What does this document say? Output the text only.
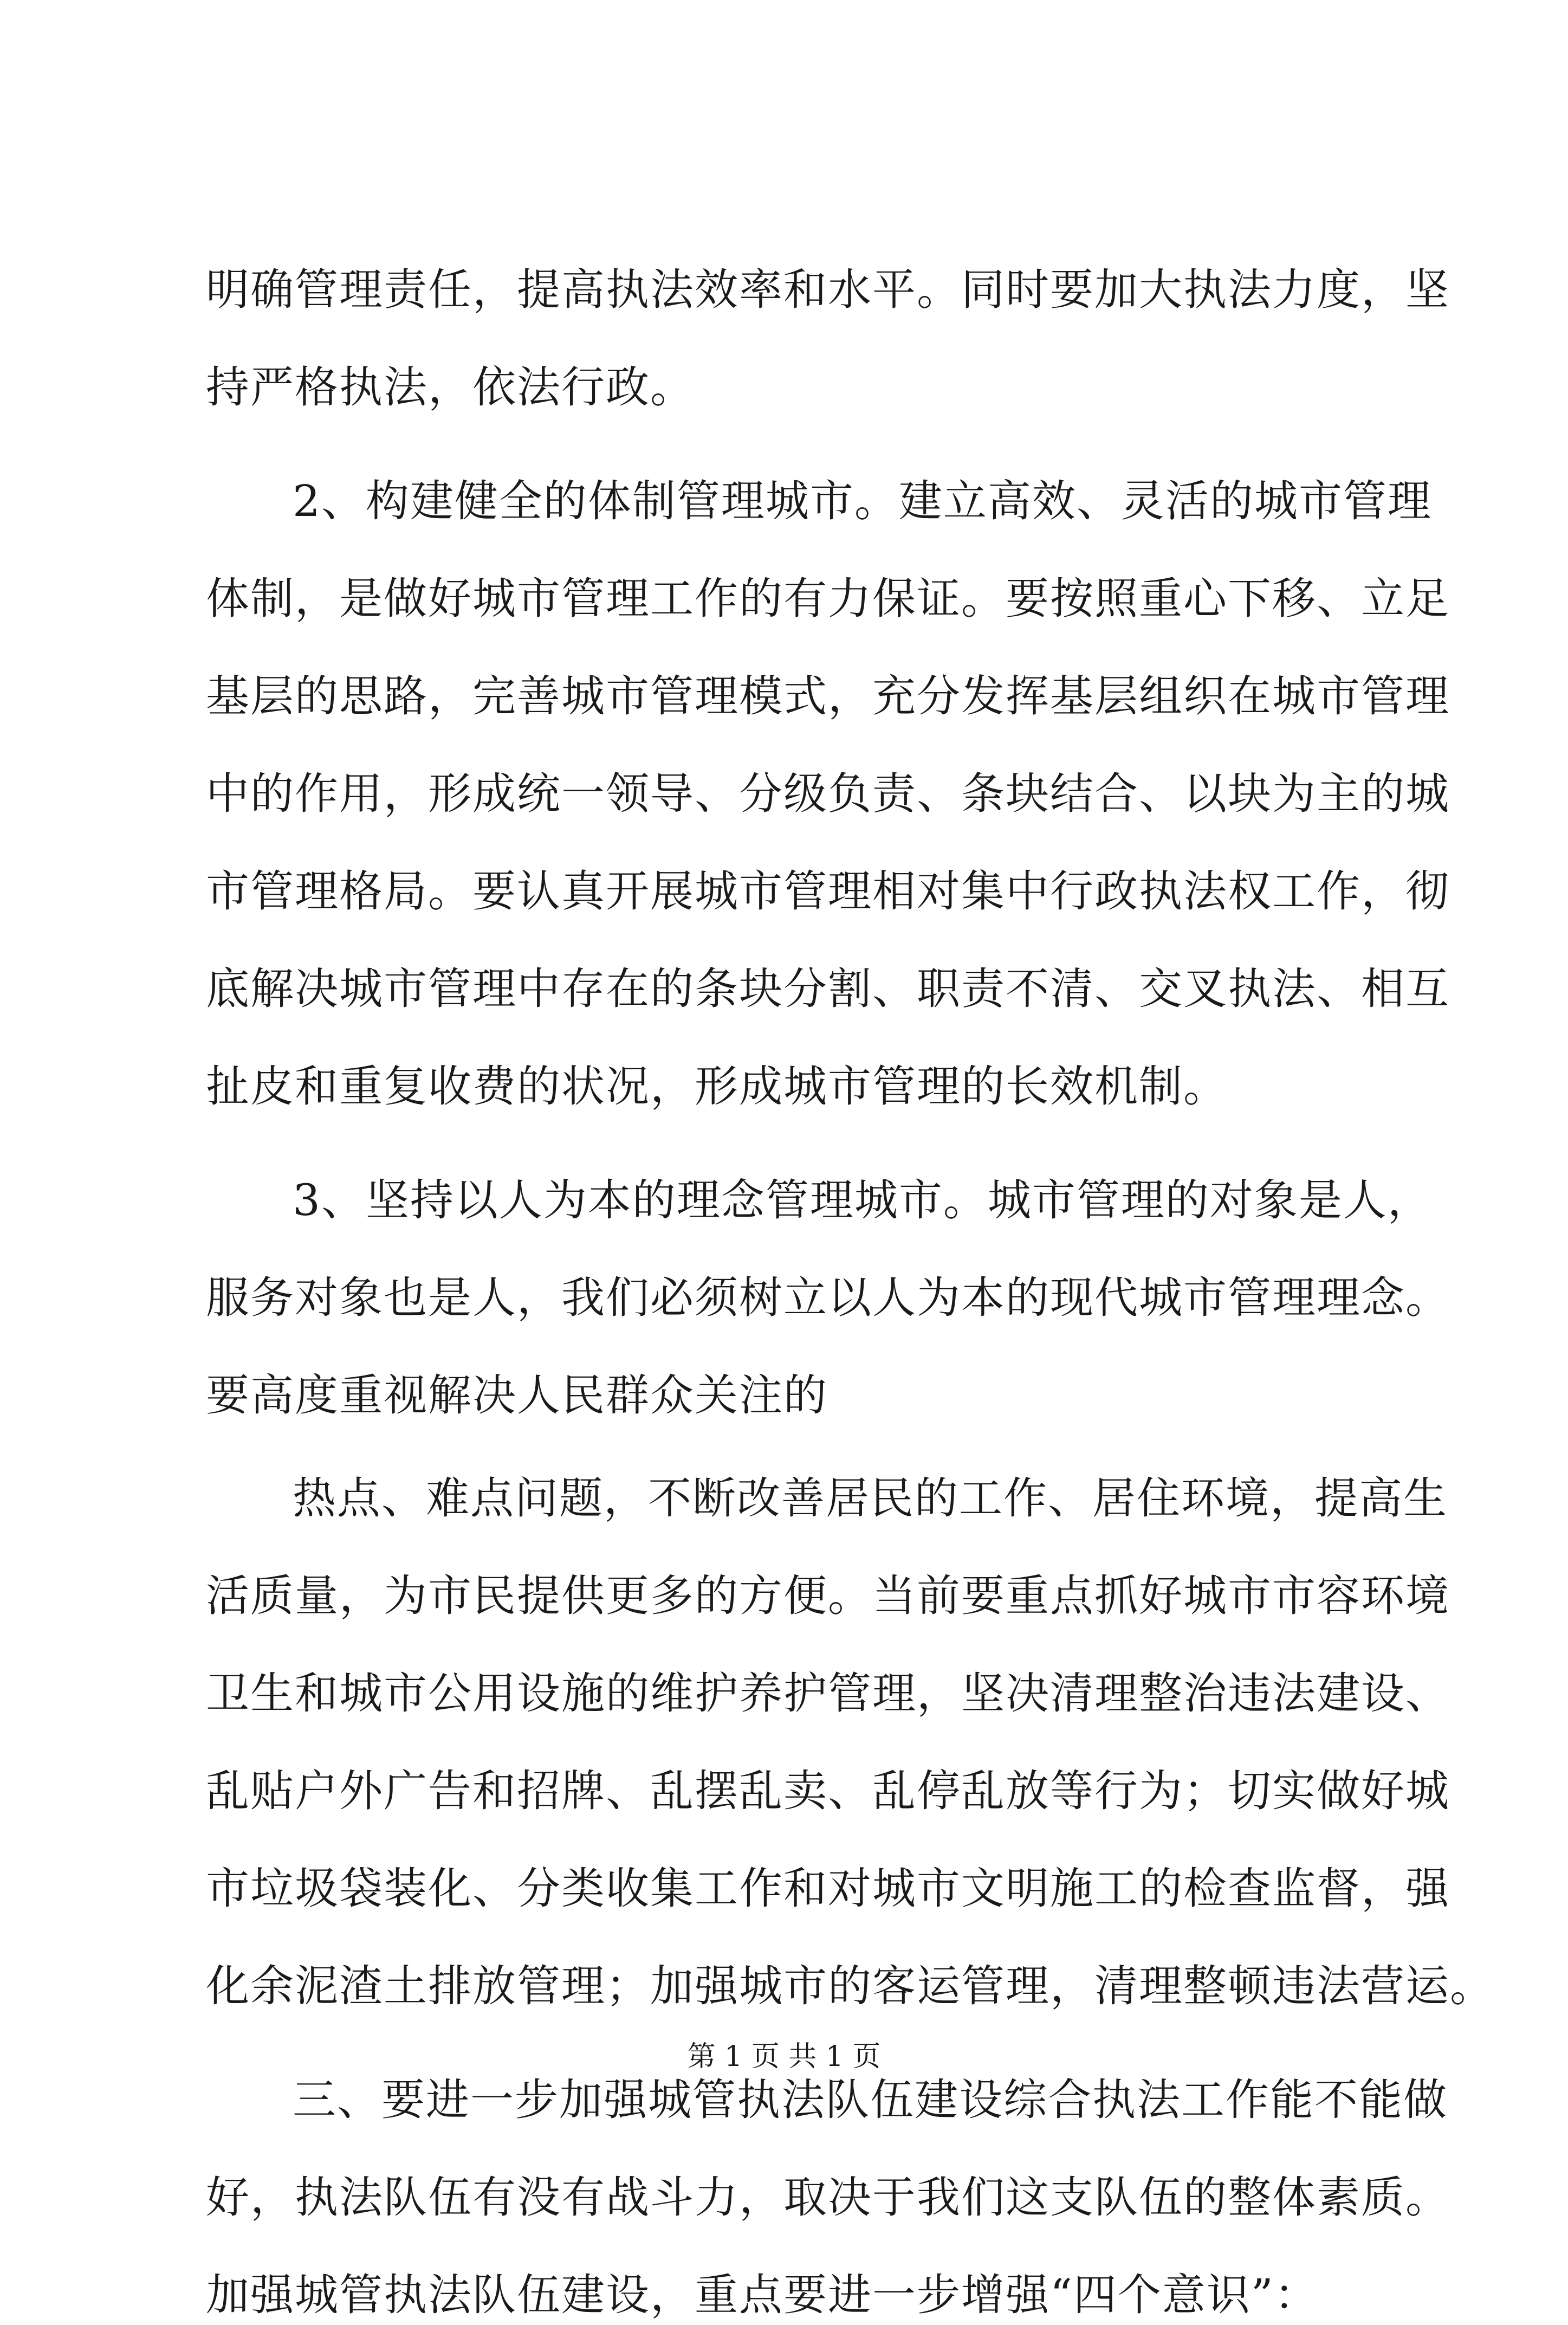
明确管理责任，提高执法效率和水平。同时要加大执法力度，坚
持严格执法，依法行政。
2、构建健全的体制管理城市。建立高效、灵活的城市管理
体制，是做好城市管理工作的有力保证。要按照重心下移、立足
基层的思路，完善城市管理模式，充分发挥基层组织在城市管理
中的作用，形成统一领导、分级负责、条块结合、以块为主的城
市管理格局。要认真开展城市管理相对集中行政执法权工作，彻
底解决城市管理中存在的条块分割、职责不清、交叉执法、相互
扯皮和重复收费的状况，形成城市管理的长效机制。
3、坚持以人为本的理念管理城市。城市管理的对象是人，
服务对象也是人，我们必须树立以人为本的现代城市管理理念。
要高度重视解决人民群众关注的
热点、难点问题，不断改善居民的工作、居住环境，提高生
活质量，为市民提供更多的方便。当前要重点抓好城市市容环境
卫生和城市公用设施的维护养护管理，坚决清理整治违法建设、
乱贴户外广告和招牌、乱摆乱卖、乱停乱放等行为；切实做好城
市垃圾袋装化、分类收集工作和对城市文明施工的检查监督，强
化余泥渣土排放管理；加强城市的客运管理，清理整顿违法营运。
三、要进一步加强城管执法队伍建设综合执法工作能不能做
好，执法队伍有没有战斗力，取决于我们这支队伍的整体素质。
加强城管执法队伍建设，重点要进一步增强“四个意识”：
第 1 页 共 1 页
